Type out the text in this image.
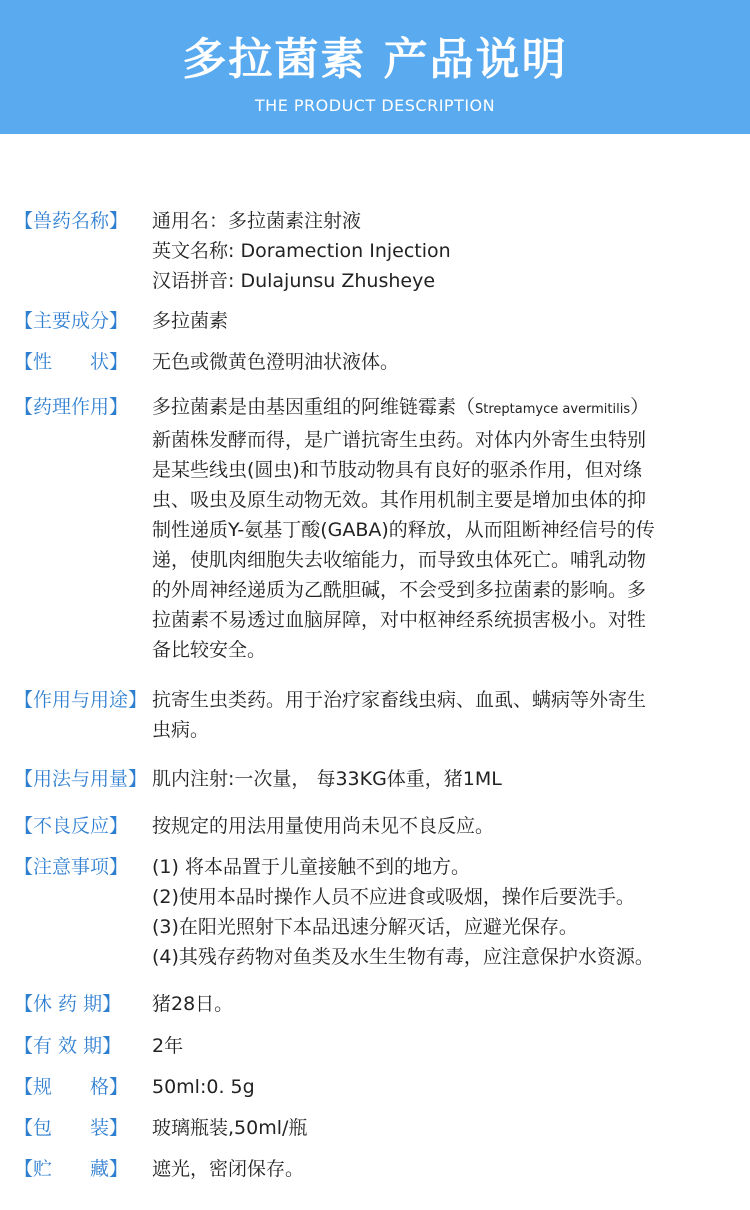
多拉菌素 产品说明
THE PRODUCT DESCRIPTION
【兽药名称】	通用名：多拉菌素注射液
英文名称: Doramection Injection
汉语拼音: Dulajunsu Zhusheye
【主要成分】	多拉菌素
【性　　状】	无色或微黄色澄明油状液体。
【药理作用】	多拉菌素是由基因重组的阿维链霉素（Streptamyce avermitilis）
新菌株发酵而得，是广谱抗寄生虫药。对体内外寄生虫特别
是某些线虫(圆虫)和节肢动物具有良好的驱杀作用，但对绦
虫、吸虫及原生动物无效。其作用机制主要是增加虫体的抑
制性递质Y-氨基丁酸(GABA)的释放，从而阻断神经信号的传
递，使肌肉细胞失去收缩能力，而导致虫体死亡。哺乳动物
的外周神经递质为乙酰胆碱，不会受到多拉菌素的影响。多
拉菌素不易透过血脑屏障，对中枢神经系统损害极小。对牲
备比较安全。
【作用与用途】 抗寄生虫类药。用于治疗家畜线虫病、血虱、螨病等外寄生
虫病。
【用法与用量】 肌内注射:一次量， 每33KG体重，猪1ML
【不良反应】	按规定的用法用量使用尚未见不良反应。
【注意事项】	(1) 将本品置于儿童接触不到的地方。
(2)使用本品时操作人员不应进食或吸烟，操作后要洗手。
(3)在阳光照射下本品迅速分解灭话，应避光保存。
(4)其残存药物对鱼类及水生生物有毒，应注意保护水资源。
【休 药 期】	猪28日。
【有 效 期】	2年
【规　　格】	50ml:0. 5g
【包　　装】	玻璃瓶装,50ml/瓶
【贮　　藏】	遮光，密闭保存。
